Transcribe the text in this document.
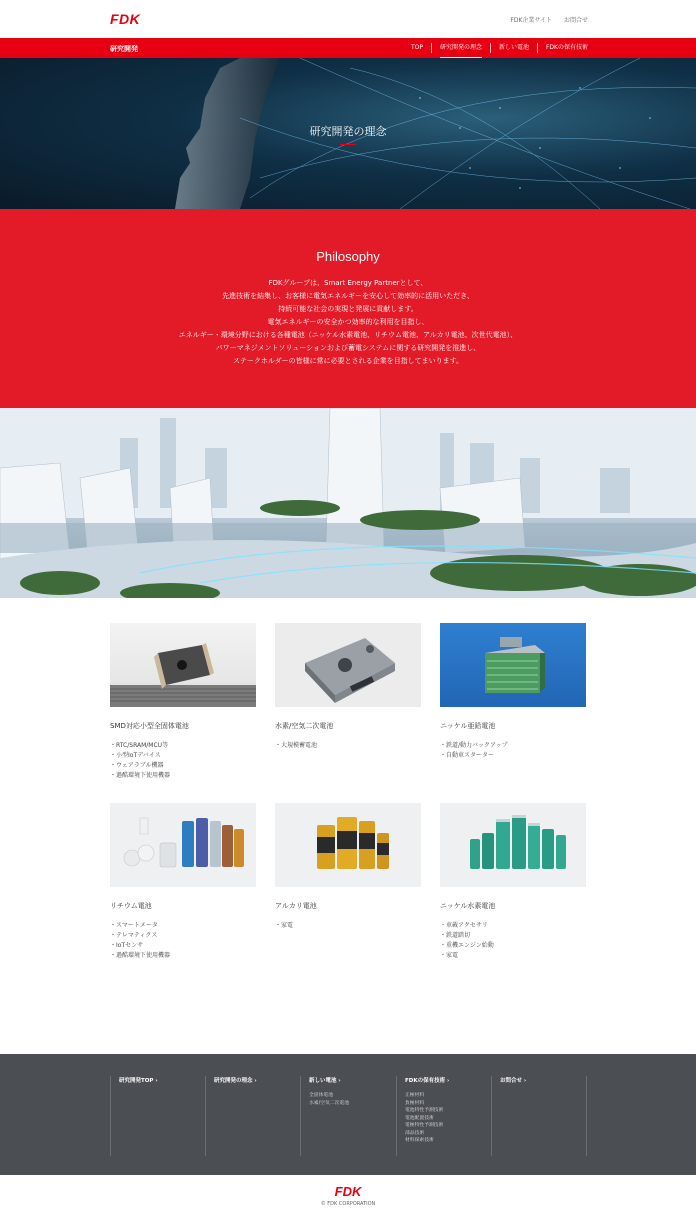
FDK	FDK企業サイト お問合せ
研究開発	TOP	研究開発の理念	新しい電池	FDKの保有技術
研究開発の理念
Philosophy
FDKグループは、Smart Energy Partnerとして、
先進技術を結集し、お客様に電気エネルギーを安心して効率的に活用いただき、
持続可能な社会の実現と発展に貢献します。
電気エネルギーの安全かつ効率的な利用を目指し、
エネルギー・環境分野における各種電池（ニッケル水素電池、リチウム電池、アルカリ電池、次世代電池）、
パワーマネジメントソリューションおよび蓄電システムに関する研究開発を推進し、
ステークホルダーの皆様に常に必要とされる企業を目指してまいります。
SMD対応小型全固体電池
・ RTC/SRAM/MCU等
・ 小型IoTデバイス
・ ウェアラブル機器
・ 過酷環境下使用機器
水素/空気二次電池
・ 大規模蓄電池
ニッケル亜鉛電池
・ 鉄道/動力バックアップ
・ 自動車スターター
リチウム電池
・ スマートメータ
・ テレマティクス
・ IoTセンサ
・ 過酷環境下使用機器
アルカリ電池
・ 家電
ニッケル水素電池
・ 車載アクセサリ
・ 鉄道踏切
・ 重機エンジン始動
・ 家電
研究開発TOP ›	研究開発の理念 ›	新しい電池 ›
全固体電池
水素/空気二次電池
FDKの保有技術 ›
正極材料
負極材料
電池特性予測技術
電池配置技術
電極特性予測技術
部品技術
材料探索技術
お問合せ ›
FDK
© FDK CORPORATION
